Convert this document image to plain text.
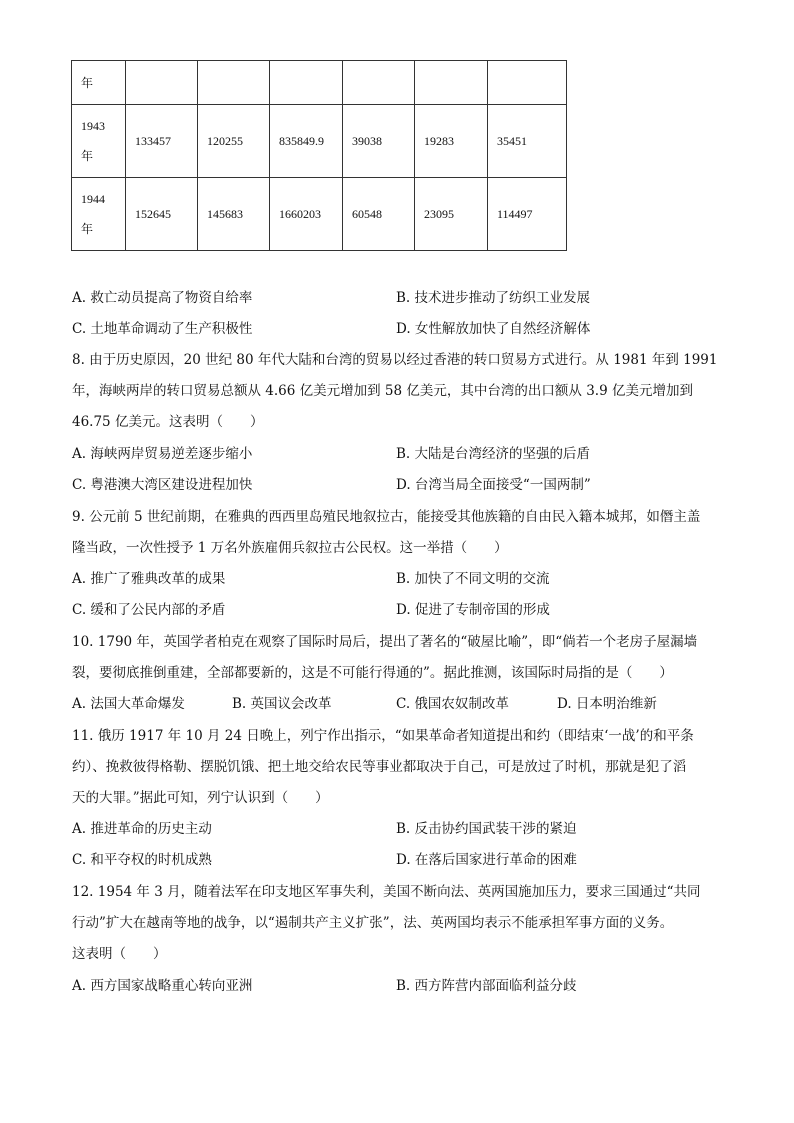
年						

1943
年	133457	120255	835849.9	39038	19283	35451

1944
年	152645	145683	1660203	60548	23095	114497
A. 救亡动员提高了物资自给率	B. 技术进步推动了纺织工业发展
C. 土地革命调动了生产积极性	D. 女性解放加快了自然经济解体
8. 由于历史原因，20 世纪 80 年代大陆和台湾的贸易以经过香港的转口贸易方式进行。从 1981 年到 1991
年，海峡两岸的转口贸易总额从 4.66 亿美元增加到 58 亿美元，其中台湾的出口额从 3.9 亿美元增加到
46.75 亿美元。这表明（　　）
A. 海峡两岸贸易逆差逐步缩小	B. 大陆是台湾经济的坚强的后盾
C. 粤港澳大湾区建设进程加快	D. 台湾当局全面接受“一国两制”
9. 公元前 5 世纪前期，在雅典的西西里岛殖民地叙拉古，能接受其他族籍的自由民入籍本城邦，如僭主盖
隆当政，一次性授予 1 万名外族雇佣兵叙拉古公民权。这一举措（　　）
A. 推广了雅典改革的成果	B. 加快了不同文明的交流
C. 缓和了公民内部的矛盾	D. 促进了专制帝国的形成
10. 1790 年，英国学者柏克在观察了国际时局后，提出了著名的“破屋比喻”，即“倘若一个老房子屋漏墙
裂，要彻底推倒重建，全部都要新的，这是不可能行得通的”。据此推测，该国际时局指的是（　　）
A. 法国大革命爆发	B. 英国议会改革	C. 俄国农奴制改革	D. 日本明治维新
11. 俄历 1917 年 10 月 24 日晚上，列宁作出指示，“如果革命者知道提出和约（即结束‘一战’的和平条
约）、挽救彼得格勒、摆脱饥饿、把土地交给农民等事业都取决于自己，可是放过了时机，那就是犯了滔
天的大罪。”据此可知，列宁认识到（　　）
A. 推进革命的历史主动	B. 反击协约国武装干涉的紧迫
C. 和平夺权的时机成熟	D. 在落后国家进行革命的困难
12. 1954 年 3 月，随着法军在印支地区军事失利，美国不断向法、英两国施加压力，要求三国通过“共同
行动”扩大在越南等地的战争，以“遏制共产主义扩张”，法、英两国均表示不能承担军事方面的义务。
这表明（　　）
A. 西方国家战略重心转向亚洲	B. 西方阵营内部面临利益分歧
